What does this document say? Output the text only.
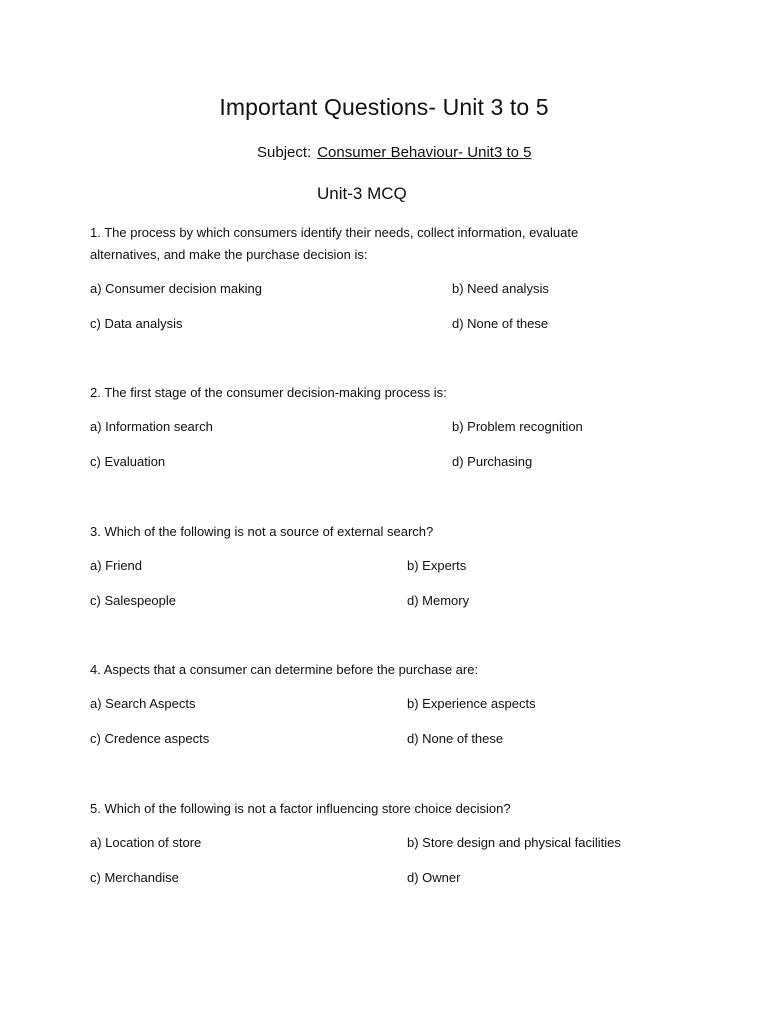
Important Questions- Unit 3 to 5
Subject: Consumer Behaviour- Unit3 to 5
Unit-3 MCQ
1. The process by which consumers identify their needs, collect information, evaluate alternatives, and make the purchase decision is:
a) Consumer decision making	b) Need analysis
c) Data analysis	d) None of these
2. The first stage of the consumer decision-making process is:
a) Information search	b) Problem recognition
c) Evaluation	d) Purchasing
3. Which of the following is not a source of external search?
a) Friend	b) Experts
c) Salespeople	d) Memory
4. Aspects that a consumer can determine before the purchase are:
a) Search Aspects	b) Experience aspects
c) Credence aspects	d) None of these
5. Which of the following is not a factor influencing store choice decision?
a) Location of store	b) Store design and physical facilities
c) Merchandise	d) Owner
